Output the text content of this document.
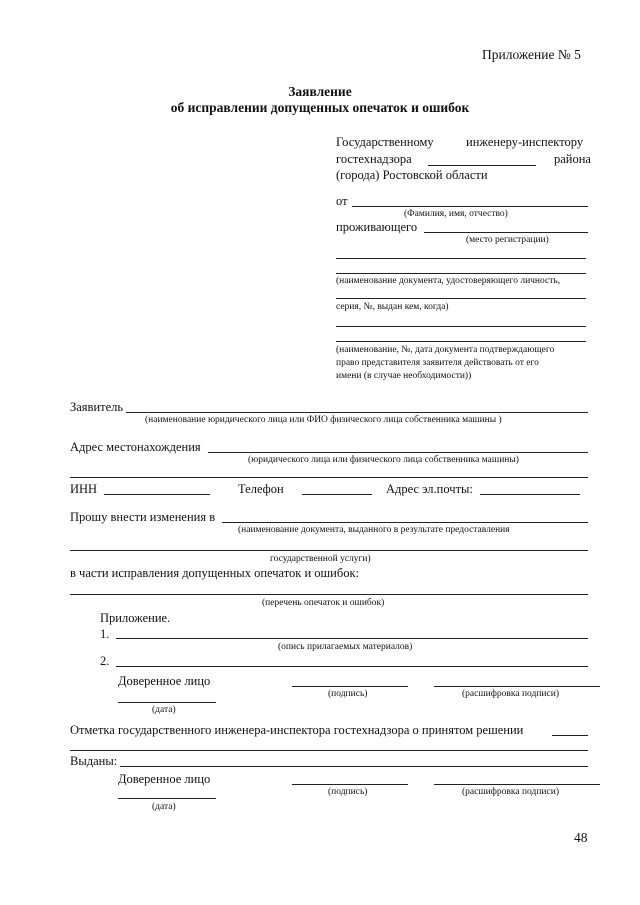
Приложение № 5
Заявление
об исправлении допущенных опечаток и ошибок
Государственному	инженеру-инспектору
гостехнадзора	района
(города) Ростовской области
от
(Фамилия, имя, отчество)
проживающего
(место регистрации)
(наименование документа, удостоверяющего личность,
серия, №, выдан кем, когда)
(наименование, №, дата документа подтверждающего
право представителя заявителя действовать от его
имени (в случае необходимости))
Заявитель
(наименование юридического лица или ФИО физического лица собственника машины )
Адрес местонахождения
(юридического лица или физического лица собственника машины)
ИНН	Телефон	Адрес эл.почты:
Прошу внести изменения в
(наименование документа, выданного в результате предоставления
государственной услуги)
в части исправления допущенных опечаток и ошибок:
(перечень опечаток и ошибок)
Приложение.
1.
(опись прилагаемых материалов)
2.
Доверенное лицо
(подпись)	(расшифровка подписи)
(дата)
Отметка государственного инженера-инспектора гостехнадзора о принятом решении
Выданы:
Доверенное лицо
(подпись)	(расшифровка подписи)
(дата)
48
